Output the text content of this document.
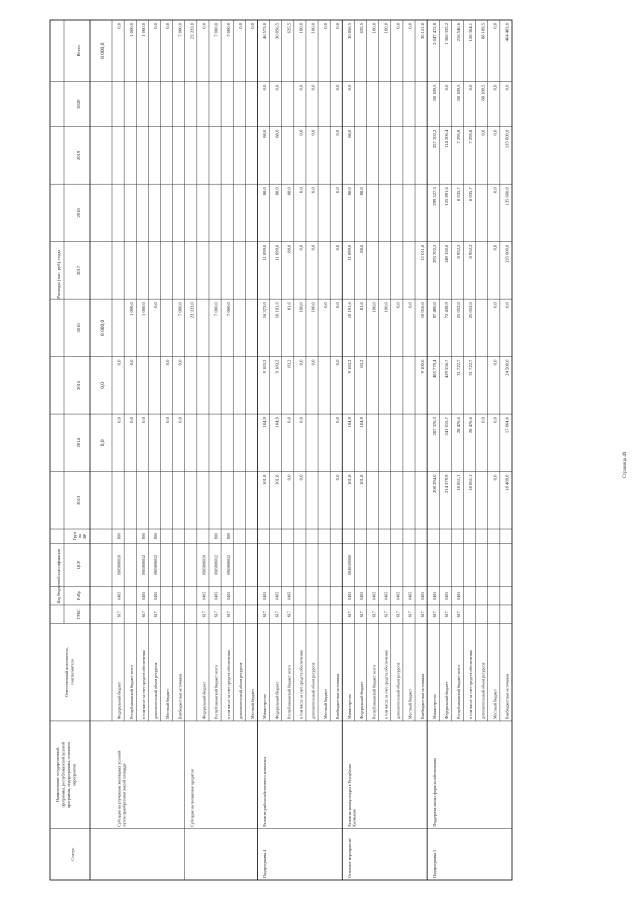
Статус
Наименование государственной программы, республиканской целевой программы, подпрограммы, основного мероприятия
Ответственный исполнитель, соисполнители
Код бюджетной классификации
ГРБС
РзПр
ЦСР
Груп па ВР
Расходы (тыс. руб), годы
2013
2014
2015
2016
2017
2018
2019
2020
Всего
0,0
0,0
8 000,0
8 000,0
Субсидия на улучшение жилищных условий путем приобретения жилой площади
Федеральный бюджет
617
0405
0905806010
800
0,0
0,0
0,0
Республиканский бюджет всего
0,0
0,0
1 000,0
1 000,0
в том числе за счет средств обеспечения
617
0405
0905806012
800
0,0
1 000,0
1 000,0
дополнительный объем ресурсов
617
0405
0905806012
800
0,0
0,0
Местный бюджет
0,0
0,0
0,0
Внебюджетные источники
0,0
0,0
7 000,0
7 000,0
Субсидия на погашение кредитов
23 333,0
23 333,0
Федеральный бюджет
617
0405
0905806010
0,0
Республиканский бюджет всего
617
0405
0905806012
800
7 000,0
7 000,0
в том числе за счет средств обеспечения
617
0405
0905806012
800
7 000,0
7 000,0
дополнительный объем ресурсов
0,0
Местный бюджет
0,0
Подпрограмма 4
Развитие рыбохозяйственного комплекса
Министерство
617
0405
101,8
104,9
9 183,2
16 373,0
11 099,0
88,0
88,0
0,0
46 573,0
Федеральный бюджет
617
0405
101,8
104,9
9 183,2
10 191,6
11 099,0
88,0
88,0
0,0
30 856,5
Республиканский бюджет всего
617
0405
0,0
0,0
83,2
81,6
88,0
88,0
635,5
в том числе за счет средств обеспечения
0,0
0,0
0,0
100,0
0,0
0,0
0,0
0,0
100,0
дополнительный объем ресурсов
0,0
100,0
0,0
0,0
0,0
0,0
100,0
Местный бюджет
0,0
0,0
Внебюджетные источники
0,0
0,0
0,0
0,0
0,0
0,0
0,0
0,0
0,0
Основное мероприятие
Развитие аквакультуры в Республике Калмыкия
Министерство
617
0405
0940100000
101,8
104,9
9 183,2
10 191,6
11 099,0
88,0
88,0
0,0
30 856,5
Федеральный бюджет
617
0405
101,8
104,9
83,2
81,6
88,0
88,0
635,5
Республиканский бюджет всего
617
0405
100,0
100,0
в том числе за счет средств обеспечения
617
0405
100,0
100,0
дополнительный объем ресурсов
617
0405
0,0
0,0
Местный бюджет
617
0405
0,0
0,0
Внебюджетные источники
617
0405
9 100,0
10 010,0
11 011,0
30 121,0
Подпрограмма 5
Поддержка малых форм хозяйствования
Министерство
617
0405
208 294,0
287 376,3
485 779,4
97 490,0
293 702,2
299 527,3
257 102,2
88 189,5
2 047 472,8
Федеральный бюджет
617
0405
214 379,9
241 015,7
429 556,7
72 438,9
149 150,0
125 891,6
114 206,4
0,0
1 366 335,2
Республиканский бюджет всего
617
0405
18 851,1
28 476,6
31 722,7
25 052,0
8 952,2
8 035,7
7 295,8
88 189,5
216 546,6
в том числе за счет средств обеспечения
18 851,1
28 476,6
31 722,7
25 052,0
8 952,2
8 035,7
7 295,8
0,0
128 364,1
дополнительный объем ресурсов
0,0
0,0
88 189,5
88 189,5
Местный бюджет
0,0
0,0
0,0
0,0
0,0
0,0
0,0
0,0
0,0
Внебюджетные источники
18 489,0
17 864,0
24 500,0
0,0
135 600,0
135 600,0
135 600,0
0,0
464 483,0
Страница 49
